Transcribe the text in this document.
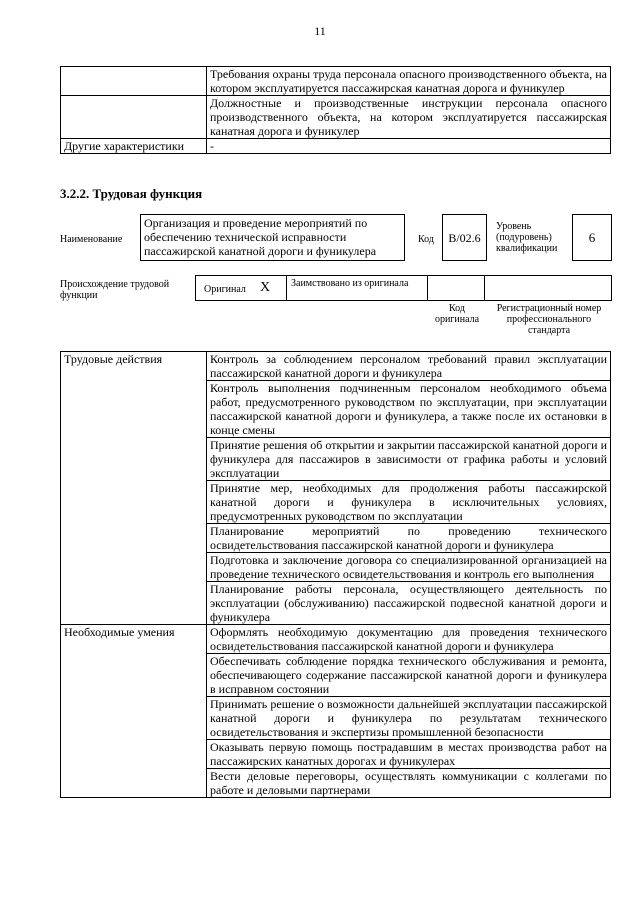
11
	Требования охраны труда персонала опасного производственного объекта, на котором эксплуатируется пассажирская канатная дорога и фуникулер
	Должностные и производственные инструкции персонала опасного производственного объекта, на котором эксплуатируется пассажирская канатная дорога и фуникулер
Другие характеристики	-
3.2.2. Трудовая функция
Наименование
Организация и проведение мероприятий по обеспечению технической исправности пассажирской канатной дороги и фуникулера
Код	B/02.6
Уровень (подуровень) квалификации
6
Происхождение трудовой функции
Оригинал X Заимствовано из оригинала
Код оригинала
Регистрационный номер профессионального стандарта
Трудовые действия	Контроль за соблюдением персоналом требований правил эксплуатации пассажирской канатной дороги и фуникулера
	Контроль выполнения подчиненным персоналом необходимого объема работ, предусмотренного руководством по эксплуатации, при эксплуатации пассажирской канатной дороги и фуникулера, а также после их остановки в конце смены
	Принятие решения об открытии и закрытии пассажирской канатной дороги и фуникулера для пассажиров в зависимости от графика работы и условий эксплуатации
	Принятие мер, необходимых для продолжения работы пассажирской канатной дороги и фуникулера в исключительных условиях, предусмотренных руководством по эксплуатации
	Планирование мероприятий по проведению технического освидетельствования пассажирской канатной дороги и фуникулера
	Подготовка и заключение договора со специализированной организацией на проведение технического освидетельствования и контроль его выполнения
	Планирование работы персонала, осуществляющего деятельность по эксплуатации (обслуживанию) пассажирской подвесной канатной дороги и фуникулера
Необходимые умения	Оформлять необходимую документацию для проведения технического освидетельствования пассажирской канатной дороги и фуникулера
	Обеспечивать соблюдение порядка технического обслуживания и ремонта, обеспечивающего содержание пассажирской канатной дороги и фуникулера в исправном состоянии
	Принимать решение о возможности дальнейшей эксплуатации пассажирской канатной дороги и фуникулера по результатам технического освидетельствования и экспертизы промышленной безопасности
	Оказывать первую помощь пострадавшим в местах производства работ на пассажирских канатных дорогах и фуникулерах
	Вести деловые переговоры, осуществлять коммуникации с коллегами по работе и деловыми партнерами
